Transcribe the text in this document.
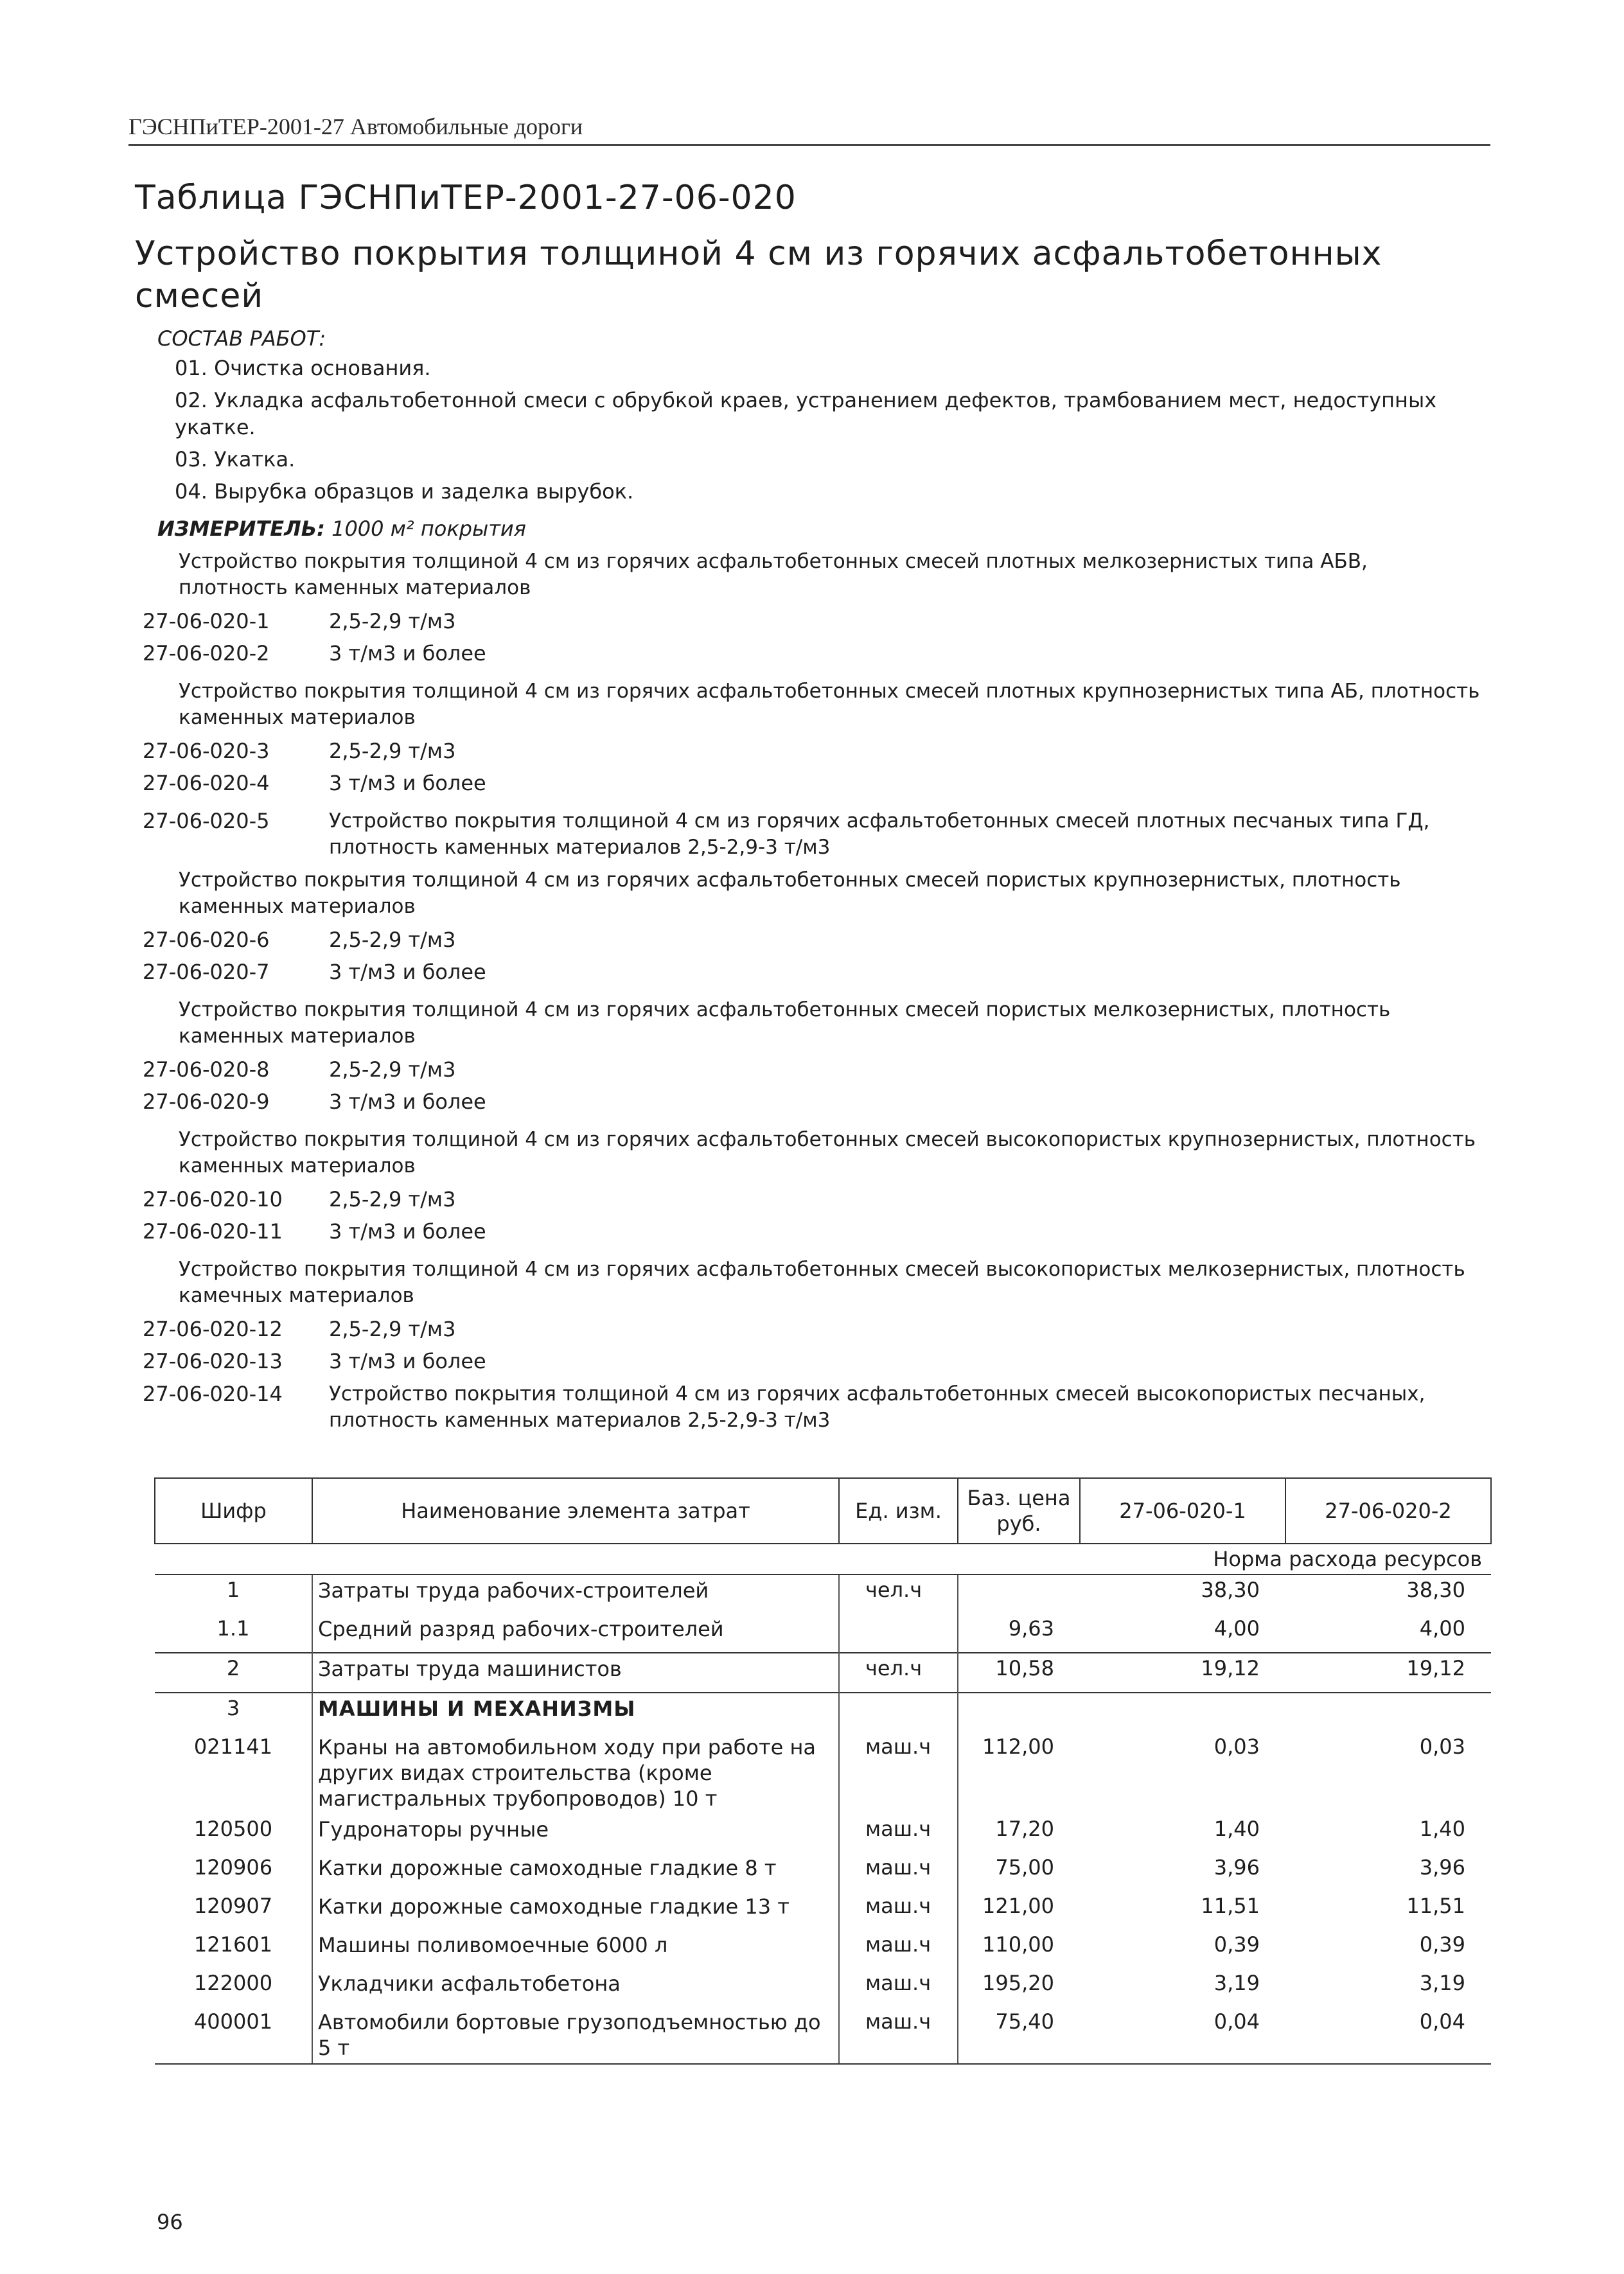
ГЭСНПиТЕР-2001-27 Автомобильные дороги
Таблица ГЭСНПиТЕР-2001-27-06-020
Устройство покрытия толщиной 4 см из горячих асфальтобетонных смесей
СОСТАВ РАБОТ:
01. Очистка основания.
02. Укладка асфальтобетонной смеси с обрубкой краев, устранением дефектов, трамбованием мест, недоступных укатке.
03. Укатка.
04. Вырубка образцов и заделка вырубок.
ИЗМЕРИТЕЛЬ: 1000 м² покрытия
Устройство покрытия толщиной 4 см из горячих асфальтобетонных смесей плотных мелкозернистых типа АБВ, плотность каменных материалов
27-06-020-1	2,5-2,9 т/м3
27-06-020-2	3 т/м3 и более
Устройство покрытия толщиной 4 см из горячих асфальтобетонных смесей плотных крупнозернистых типа АБ, плотность каменных материалов
27-06-020-3	2,5-2,9 т/м3
27-06-020-4	3 т/м3 и более
27-06-020-5	Устройство покрытия толщиной 4 см из горячих асфальтобетонных смесей плотных песчаных типа ГД, плотность каменных материалов 2,5-2,9-3 т/м3
Устройство покрытия толщиной 4 см из горячих асфальтобетонных смесей пористых крупнозернистых, плотность каменных материалов
27-06-020-6	2,5-2,9 т/м3
27-06-020-7	3 т/м3 и более
Устройство покрытия толщиной 4 см из горячих асфальтобетонных смесей пористых мелкозернистых, плотность каменных материалов
27-06-020-8	2,5-2,9 т/м3
27-06-020-9	3 т/м3 и более
Устройство покрытия толщиной 4 см из горячих асфальтобетонных смесей высокопористых крупнозернистых, плотность каменных материалов
27-06-020-10 2,5-2,9 т/м3
27-06-020-11 3 т/м3 и более
Устройство покрытия толщиной 4 см из горячих асфальтобетонных смесей высокопористых мелкозернистых, плотность камечных материалов
27-06-020-12 2,5-2,9 т/м3
27-06-020-13 3 т/м3 и более
27-06-020-14	Устройство покрытия толщиной 4 см из горячих асфальтобетонных смесей высокопористых песчаных, плотность каменных материалов 2,5-2,9-3 т/м3
Шифр	Наименование элемента затрат	Ед. изм.	Баз. цена руб.	27-06-020-1	27-06-020-2
Норма расхода ресурсов					
1	Затраты труда рабочих-строителей	чел.ч		38,30	38,30
1.1	Средний разряд рабочих-строителей		9,63	4,00	4,00
2	Затраты труда машинистов	чел.ч	10,58	19,12	19,12
3	МАШИНЫ И МЕХАНИЗМЫ				
021141	Краны на автомобильном ходу при работе на других видах строительства (кроме магистральных трубопроводов) 10 т	маш.ч	112,00	0,03	0,03
120500	Гудронаторы ручные	маш.ч	17,20	1,40	1,40
120906	Катки дорожные самоходные гладкие 8 т	маш.ч	75,00	3,96	3,96
120907	Катки дорожные самоходные гладкие 13 т	маш.ч	121,00	11,51	11,51
121601	Машины поливомоечные 6000 л	маш.ч	110,00	0,39	0,39
122000	Укладчики асфальтобетона	маш.ч	195,20	3,19	3,19
400001	Автомобили бортовые грузоподъемностью до 5 т	маш.ч	75,40	0,04	0,04
96
